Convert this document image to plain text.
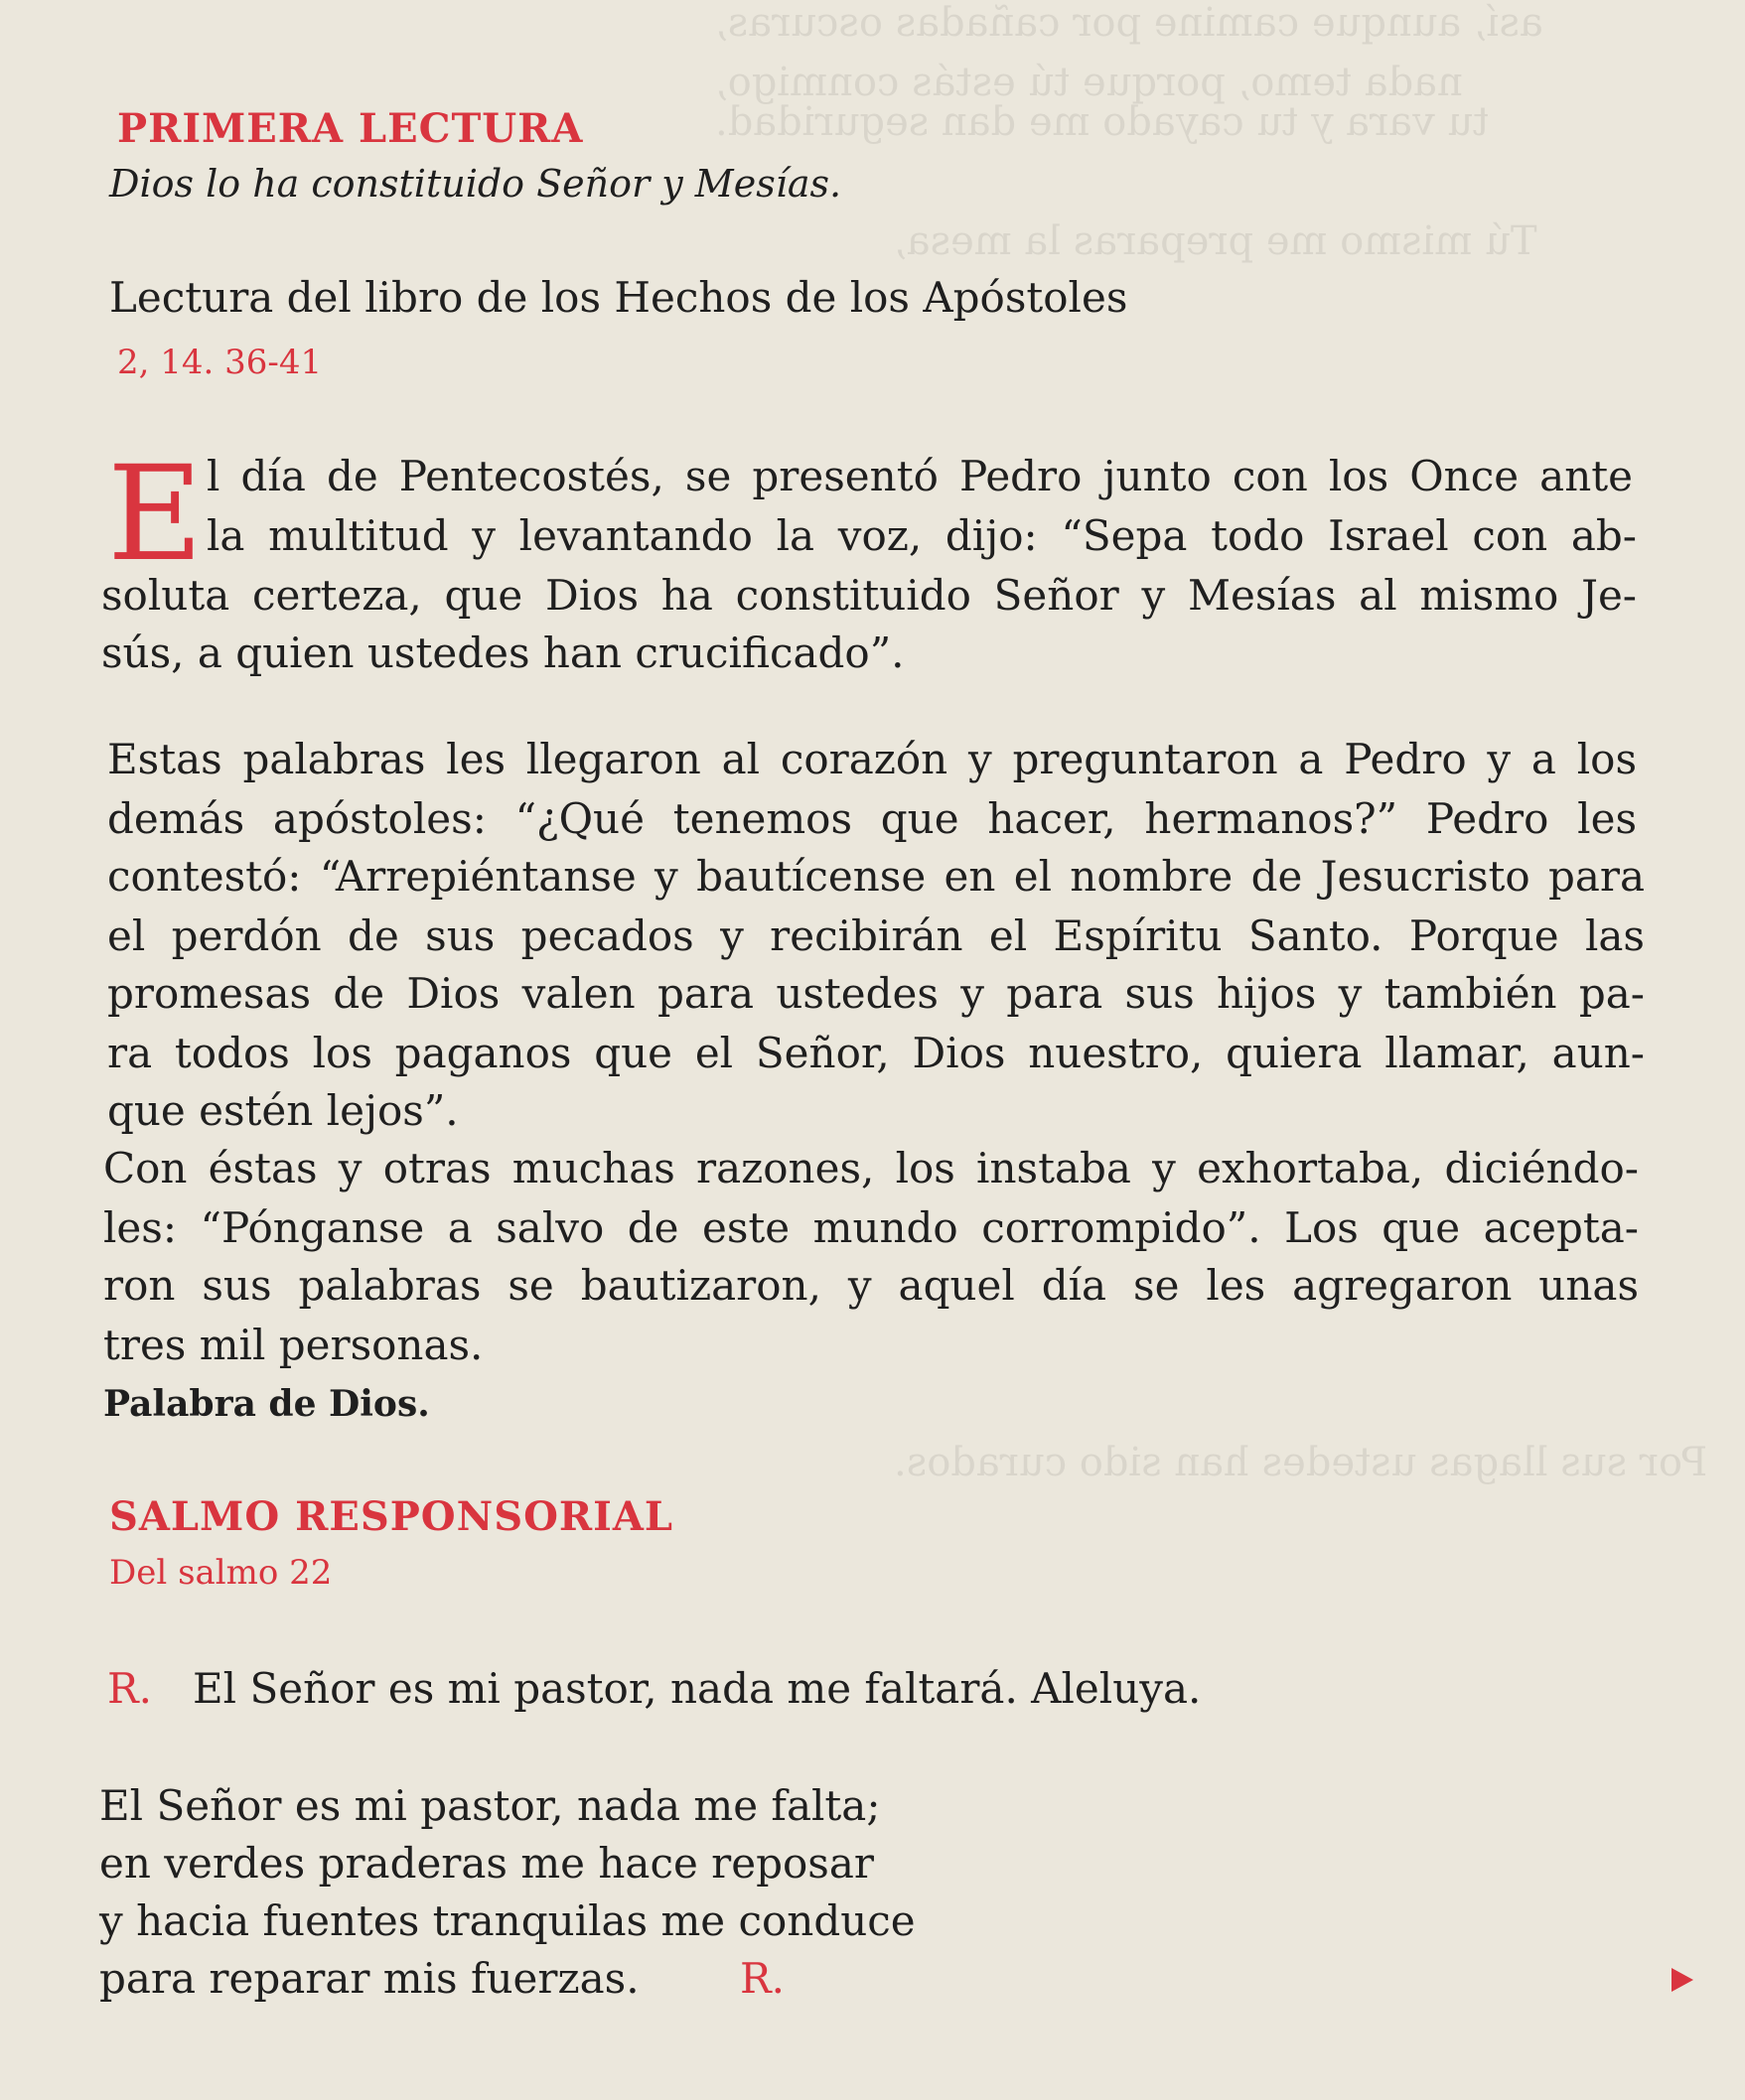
así, aunque camine por cañadas oscuras,
nada temo, porque tú estás conmigo,
tu vara y tu cayado me dan seguridad.
Tú mismo me preparas la mesa,
Por sus llagas ustedes han sido curados.
PRIMERA LECTURA
Dios lo ha constituido Señor y Mesías.
Lectura del libro de los Hechos de los Apóstoles
2, 14. 36-41
E l día de Pentecostés, se presentó Pedro junto con los Once ante
la multitud y levantando la voz, dijo: “Sepa todo Israel con ab-
soluta certeza, que Dios ha constituido Señor y Mesías al mismo Je-
sús, a quien ustedes han crucificado”.
Estas palabras les llegaron al corazón y preguntaron a Pedro y a los
demás apóstoles: “¿Qué tenemos que hacer, hermanos?” Pedro les
contestó: “Arrepiéntanse y bautícense en el nombre de Jesucristo para
el perdón de sus pecados y recibirán el Espíritu Santo. Porque las
promesas de Dios valen para ustedes y para sus hijos y también pa-
ra todos los paganos que el Señor, Dios nuestro, quiera llamar, aun-
que estén lejos”.
Con éstas y otras muchas razones, los instaba y exhortaba, diciéndo-
les: “Pónganse a salvo de este mundo corrompido”. Los que acepta-
ron sus palabras se bautizaron, y aquel día se les agregaron unas
tres mil personas.
Palabra de Dios.
SALMO RESPONSORIAL
Del salmo 22
R. El Señor es mi pastor, nada me faltará. Aleluya.
El Señor es mi pastor, nada me falta;
en verdes praderas me hace reposar
y hacia fuentes tranquilas me conduce
para reparar mis fuerzas. R.
